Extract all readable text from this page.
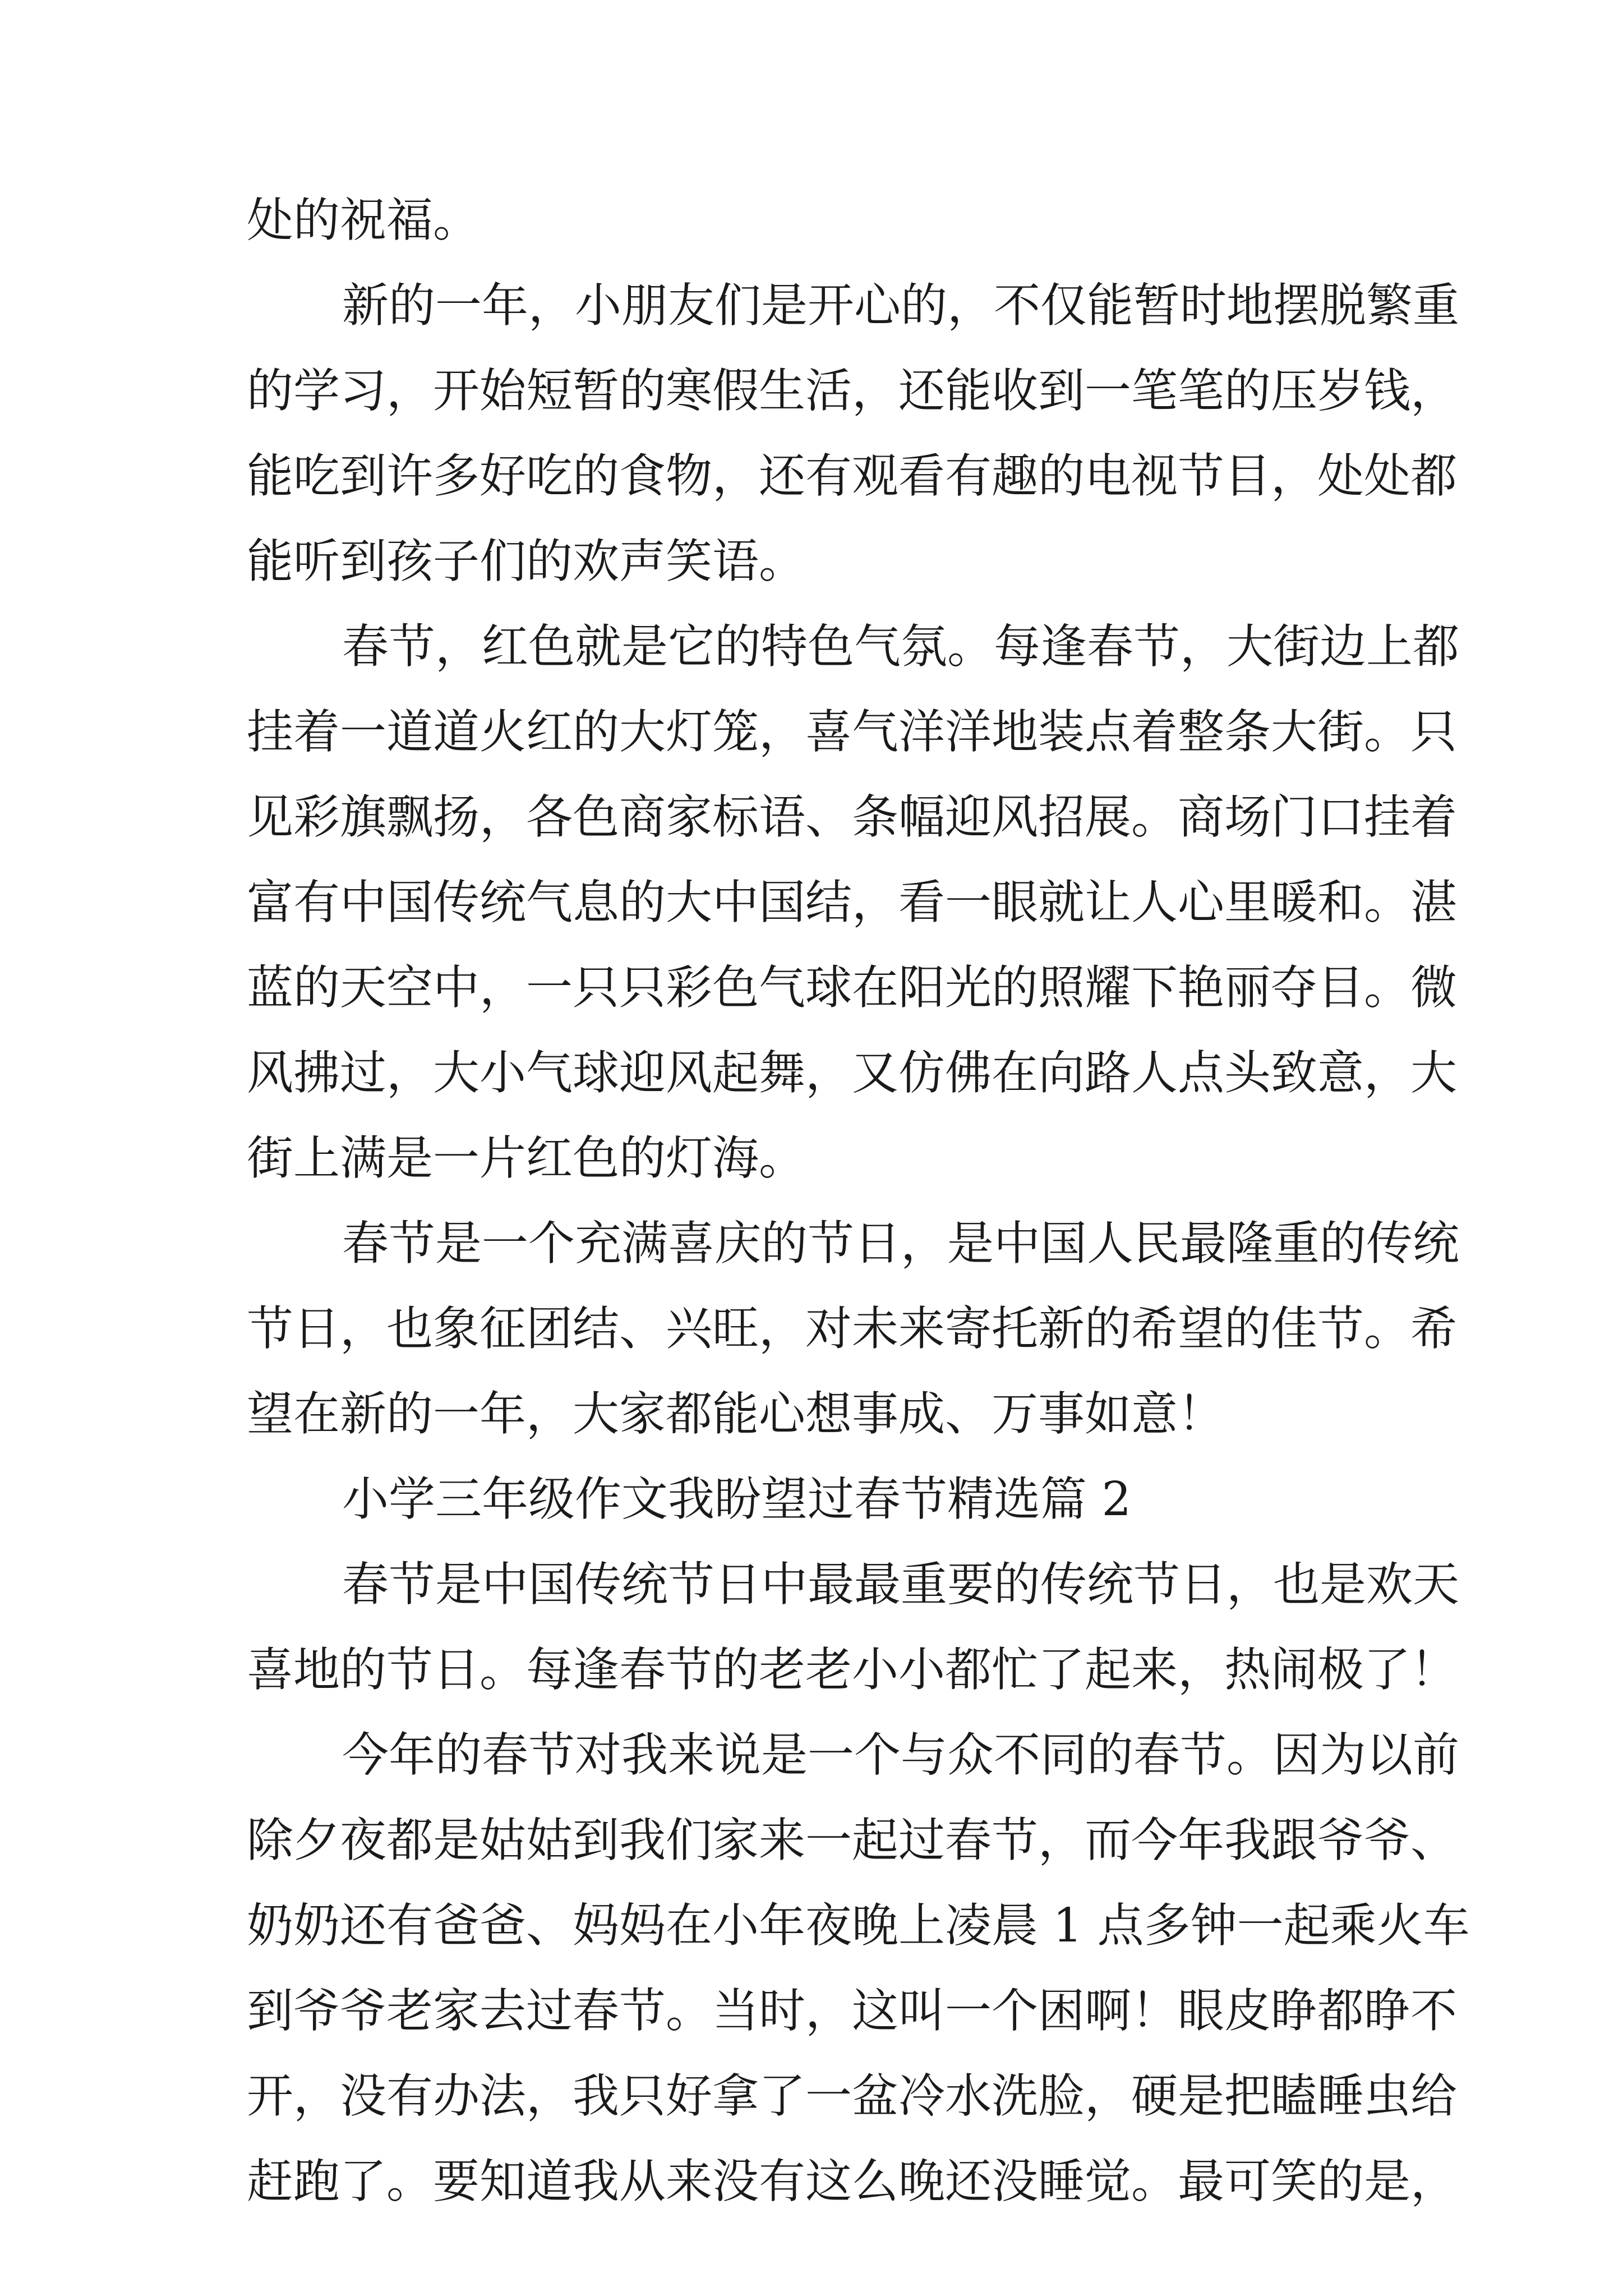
处的祝福。
新的一年，小朋友们是开心的，不仅能暂时地摆脱繁重
的学习，开始短暂的寒假生活，还能收到一笔笔的压岁钱，
能吃到许多好吃的食物，还有观看有趣的电视节目，处处都
能听到孩子们的欢声笑语。
春节，红色就是它的特色气氛。每逢春节，大街边上都
挂着一道道火红的大灯笼，喜气洋洋地装点着整条大街。只
见彩旗飘扬，各色商家标语、条幅迎风招展。商场门口挂着
富有中国传统气息的大中国结，看一眼就让人心里暖和。湛
蓝的天空中，一只只彩色气球在阳光的照耀下艳丽夺目。微
风拂过，大小气球迎风起舞，又仿佛在向路人点头致意，大
街上满是一片红色的灯海。
春节是一个充满喜庆的节日，是中国人民最隆重的传统
节日，也象征团结、兴旺，对未来寄托新的希望的佳节。希
望在新的一年，大家都能心想事成、万事如意！
小学三年级作文我盼望过春节精选篇 2
春节是中国传统节日中最最重要的传统节日，也是欢天
喜地的节日。每逢春节的老老小小都忙了起来，热闹极了！
今年的春节对我来说是一个与众不同的春节。因为以前
除夕夜都是姑姑到我们家来一起过春节，而今年我跟爷爷、
奶奶还有爸爸、妈妈在小年夜晚上凌晨 1 点多钟一起乘火车
到爷爷老家去过春节。当时，这叫一个困啊！眼皮睁都睁不
开，没有办法，我只好拿了一盆冷水洗脸，硬是把瞌睡虫给
赶跑了。要知道我从来没有这么晚还没睡觉。最可笑的是，
